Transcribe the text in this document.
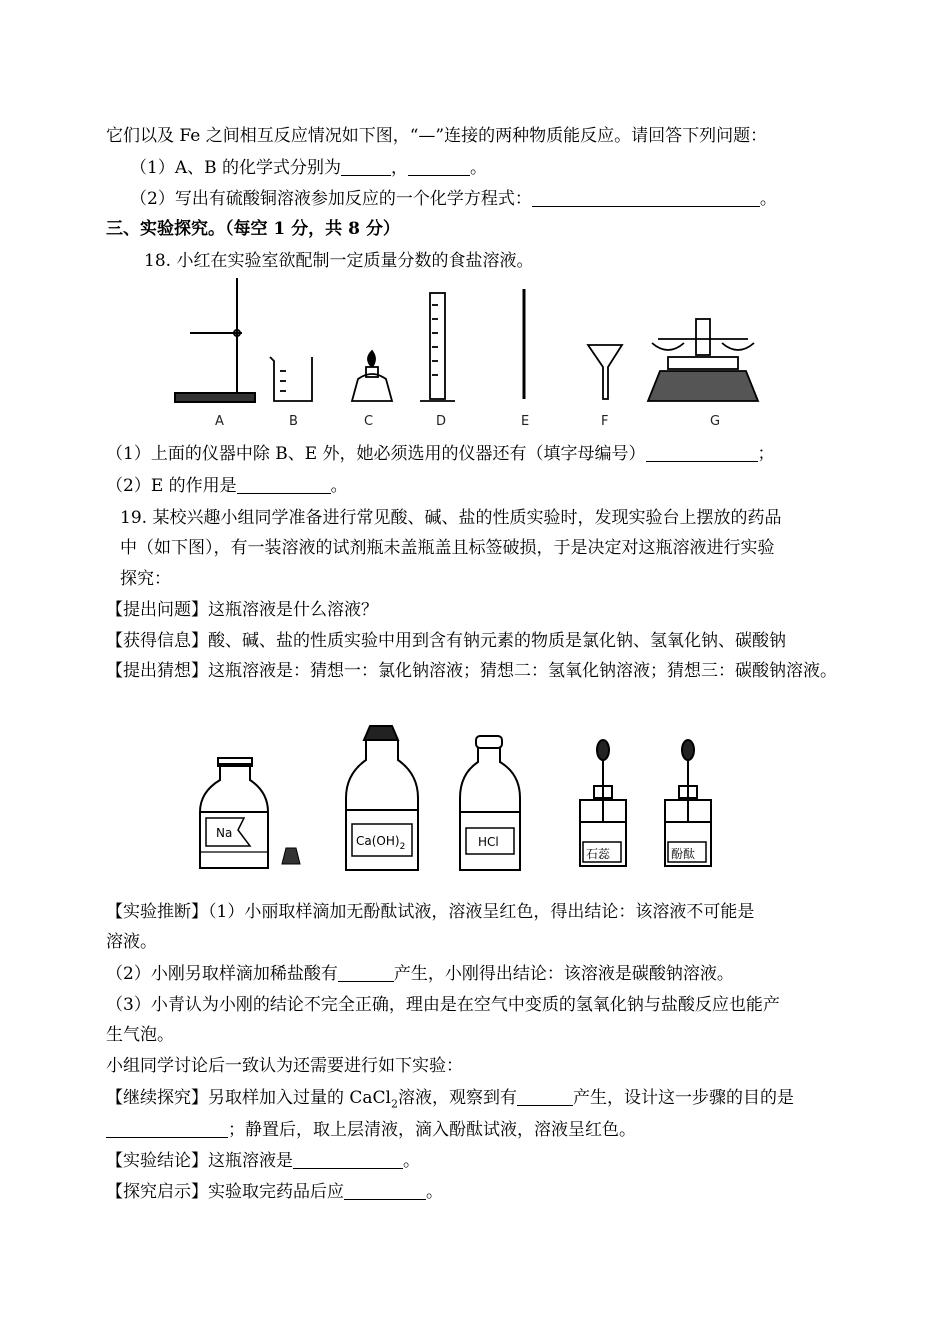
它们以及 Fe 之间相互反应情况如下图，“—”连接的两种物质能反应。请回答下列问题：
（1）A、B 的化学式分别为	，	。
（2）写出有硫酸铜溶液参加反应的一个化学方程式：	。
三、实验探究。（每空 1 分，共 8 分）
18. 小红在实验室欲配制一定质量分数的食盐溶液。
A	B	C	D	E	F	G
（1）上面的仪器中除 B、E 外，她必须选用的仪器还有（填字母编号）	；
（2）E 的作用是	。
19. 某校兴趣小组同学准备进行常见酸、碱、盐的性质实验时，发现实验台上摆放的药品
中（如下图），有一装溶液的试剂瓶未盖瓶盖且标签破损，于是决定对这瓶溶液进行实验
探究：
【提出问题】这瓶溶液是什么溶液？
【获得信息】酸、碱、盐的性质实验中用到含有钠元素的物质是氯化钠、氢氧化钠、碳酸钠
【提出猜想】这瓶溶液是：猜想一：氯化钠溶液；猜想二：氢氧化钠溶液；猜想三：碳酸钠溶液。
Na
$Ca(OH)_2$	HCl
石蕊	酚酞
【实验推断】（1）小丽取样滴加无酚酞试液，溶液呈红色，得出结论：该溶液不可能是
溶液。
（2）小刚另取样滴加稀盐酸有	产生，小刚得出结论：该溶液是碳酸钠溶液。
（3）小青认为小刚的结论不完全正确，理由是在空气中变质的氢氧化钠与盐酸反应也能产
生气泡。
小组同学讨论后一致认为还需要进行如下实验：
【继续探究】另取样加入过量的 CaCl$_2$溶液，观察到有	产生，设计这一步骤的目的是
；静置后，取上层清液，滴入酚酞试液，溶液呈红色。
【实验结论】这瓶溶液是	。
【探究启示】实验取完药品后应	。
